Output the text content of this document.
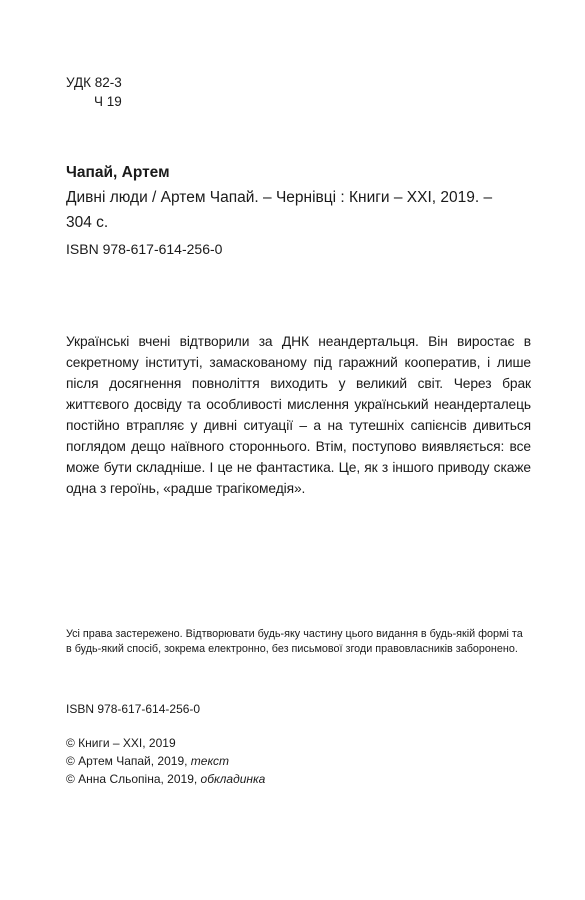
УДК 82-3
Ч 19
Чапай, Артем
Дивні люди / Артем Чапай. – Чернівці : Книги – ХХІ, 2019. –
304 с.
ISBN 978-617-614-256-0
Українські вчені відтворили за ДНК неандертальця. Він виростає в секретному інституті, замаскованому під гаражний кооператив, і лише після досягнення повноліття виходить у великий світ. Через брак життєвого досвіду та особливості мислення український неандерталець постійно втрапляє у дивні ситуації – а на тутешніх сапієнсів дивиться поглядом дещо наївного стороннього. Втім, поступово виявляється: все може бути складніше. І це не фантастика. Це, як з іншого приводу скаже одна з героїнь, «радше трагікомедія».
Усі права застережено. Відтворювати будь-яку частину цього видання в будь-якій формі та в будь-який спосіб, зокрема електронно, без письмової згоди правовласників заборонено.
ISBN 978-617-614-256-0
© Книги – ХХІ, 2019
© Артем Чапай, 2019, текст
© Анна Сльопіна, 2019, обкладинка
